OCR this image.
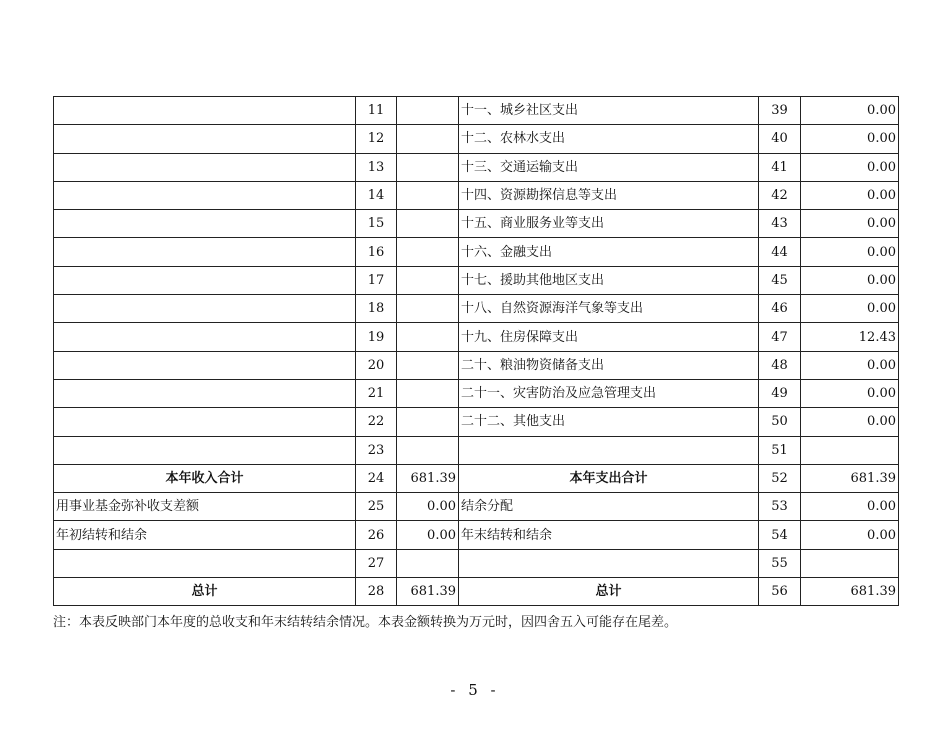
	11		十一、城乡社区支出	39	0.00
	12		十二、农林水支出	40	0.00
	13		十三、交通运输支出	41	0.00
	14		十四、资源勘探信息等支出	42	0.00
	15		十五、商业服务业等支出	43	0.00
	16		十六、金融支出	44	0.00
	17		十七、援助其他地区支出	45	0.00
	18		十八、自然资源海洋气象等支出	46	0.00
	19		十九、住房保障支出	47	12.43
	20		二十、粮油物资储备支出	48	0.00
	21		二十一、灾害防治及应急管理支出	49	0.00
	22		二十二、其他支出	50	0.00
	23			51	
本年收入合计	24	681.39	本年支出合计	52	681.39
用事业基金弥补收支差额	25	0.00	结余分配	53	0.00
年初结转和结余	26	0.00	年末结转和结余	54	0.00
	27			55	
总计	28	681.39	总计	56	681.39
注：本表反映部门本年度的总收支和年末结转结余情况。本表金额转换为万元时，因四舍五入可能存在尾差。
- 5 -
